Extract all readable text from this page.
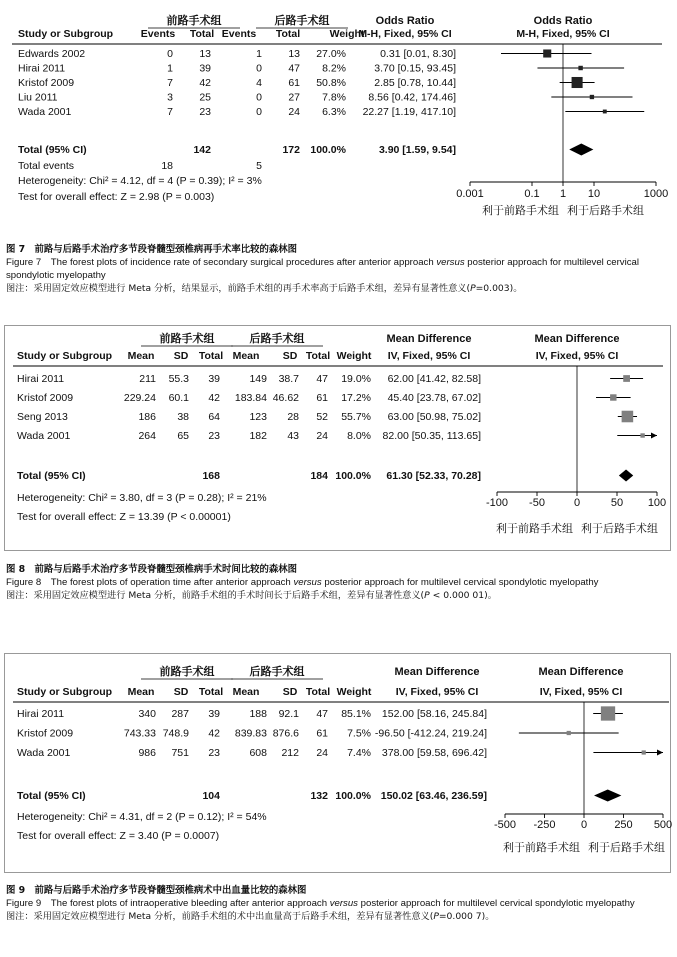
前路手术组	后路手术组	Odds Ratio
M-H, Fixed, 95% CI
Odds Ratio
M-H, Fixed, 95% CI
Study or Subgroup	Events Total Events Total	Weight
Edwards 2002	0	13	1	13 27.0%	0.31 [0.01, 8.30]
Hirai 2011	1	39	0	47 8.2%	3.70 [0.15, 93.45]
Kristof 2009	7	42	4	61 50.8%	2.85 [0.78, 10.44]
Liu 2011	3	25	0	27 7.8% 8.56 [0.42, 174.46]
Wada 2001	7	23	0	24 6.3% 22.27 [1.19, 417.10]
Total (95% CI)	142	172 100.0%	3.90 [1.59, 9.54]
Total events	18	5
Heterogeneity: Chi² = 4.12, df = 4 (P = 0.39); I² = 3%
Test for overall effect: Z = 2.98 (P = 0.003)	0.001	0.1 1 10	1000
利于前路手术组 利于后路手术组
图 7　前路与后路手术治疗多节段脊髓型颈椎病再手术率比较的森林图
Figure 7　The forest plots of incidence rate of secondary surgical procedures after anterior approach versus posterior approach for multilevel cervical spondylotic myelopathy
图注：采用固定效应模型进行 Meta 分析，结果显示，前路手术组的再手术率高于后路手术组，差异有显著性意义(P=0.003)。
前路手术组	后路手术组	Mean Difference
IV, Fixed, 95% CI
Mean Difference
IV, Fixed, 95% CI
Study or Subgroup Mean SD Total Mean SD Total Weight
Hirai 2011	211 55.3 39	149 38.7 47 19.0% 62.00 [41.42, 82.58]
Kristof 2009	229.24 60.1 42 183.84 46.62 61 17.2% 45.40 [23.78, 67.02]
Seng 2013	186 38 64	123 28 52 55.7% 63.00 [50.98, 75.02]
Wada 2001	264 65 23	182 43 24 8.0% 82.00 [50.35, 113.65]
Total (95% CI)	168	184 100.0% 61.30 [52.33, 70.28]
Heterogeneity: Chi² = 3.80, df = 3 (P = 0.28); I² = 21%
Test for overall effect: Z = 13.39 (P < 0.00001)
-100 -50	0	50 100
利于前路手术组 利于后路手术组
图 8　前路与后路手术治疗多节段脊髓型颈椎病手术时间比较的森林图
Figure 8　The forest plots of operation time after anterior approach versus posterior approach for multilevel cervical spondylotic myelopathy
图注：采用固定效应模型进行 Meta 分析，前路手术组的手术时间长于后路手术组，差异有显著性意义(P < 0.000 01)。
前路手术组	后路手术组	Mean Difference
IV, Fixed, 95% CI
Mean Difference
IV, Fixed, 95% CI
Study or Subgroup Mean SD Total Mean SD Total Weight
Hirai 2011	340 287 39	188 92.1 47 85.1% 152.00 [58.16, 245.84]
Kristof 2009	743.33 748.9 42 839.83 876.6 61 7.5% -96.50 [-412.24, 219.24]
Wada 2001	986 751 23	608 212 24 7.4% 378.00 [59.58, 696.42]
Total (95% CI)	104	132 100.0% 150.02 [63.46, 236.59]
Heterogeneity: Chi² = 4.31, df = 2 (P = 0.12); I² = 54%
Test for overall effect: Z = 3.40 (P = 0.0007)
-500 -250 0 250 500
利于前路手术组 利于后路手术组
图 9　前路与后路手术治疗多节段脊髓型颈椎病术中出血量比较的森林图
Figure 9　The forest plots of intraoperative bleeding after anterior approach versus posterior approach for multilevel cervical spondylotic myelopathy
图注：采用固定效应模型进行 Meta 分析，前路手术组的术中出血量高于后路手术组，差异有显著性意义(P=0.000 7)。
